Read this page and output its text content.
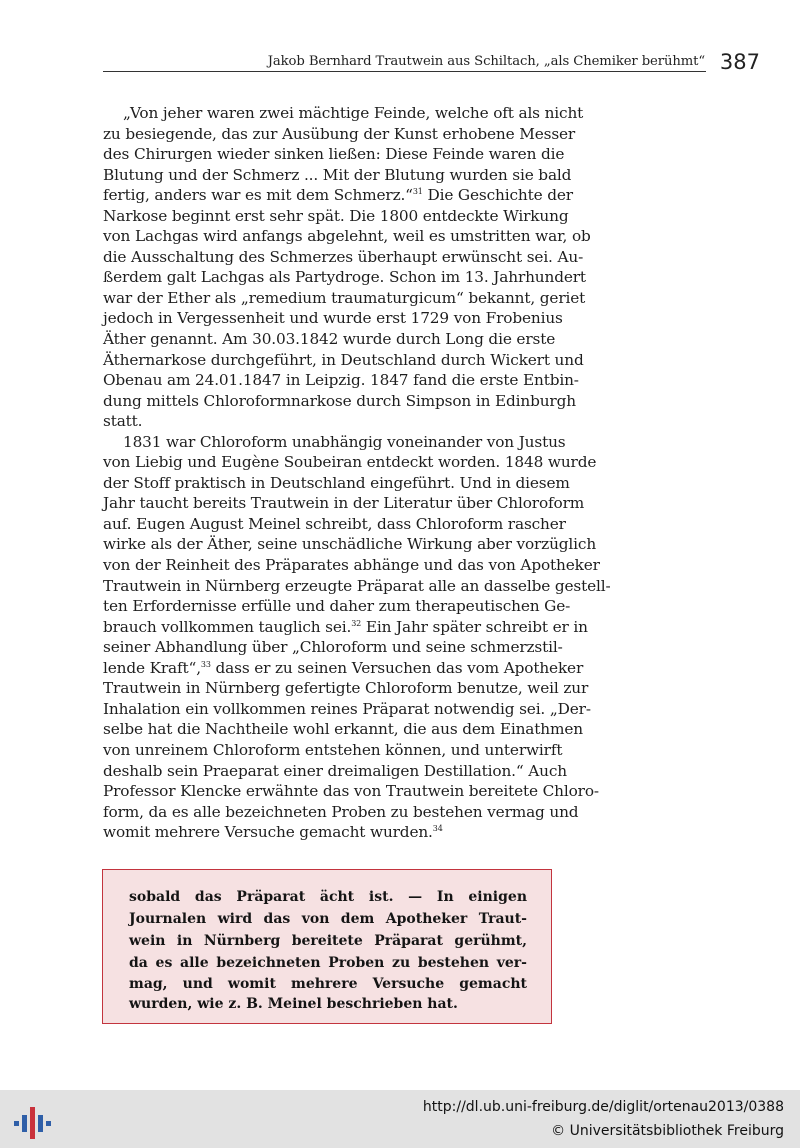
Jakob Bernhard Trautwein aus Schiltach, „als Chemiker berühmt“ 387
„Von jeher waren zwei mächtige Feinde, welche oft als nicht
zu besiegende, das zur Ausübung der Kunst erhobene Messer
des Chirurgen wieder sinken ließen: Diese Feinde waren die
Blutung und der Schmerz ... Mit der Blutung wurden sie bald
fertig, anders war es mit dem Schmerz.“$^{31}$ Die Geschichte der
Narkose beginnt erst sehr spät. Die 1800 entdeckte Wirkung
von Lachgas wird anfangs abgelehnt, weil es umstritten war, ob
die Ausschaltung des Schmerzes überhaupt erwünscht sei. Au-
ßerdem galt Lachgas als Partydroge. Schon im 13. Jahrhundert
war der Ether als „remedium traumaturgicum“ bekannt, geriet
jedoch in Vergessenheit und wurde erst 1729 von Frobenius
Äther genannt. Am 30.03.1842 wurde durch Long die erste
Äthernarkose durchgeführt, in Deutschland durch Wickert und
Obenau am 24.01.1847 in Leipzig. 1847 fand die erste Entbin-
dung mittels Chloroformnarkose durch Simpson in Edinburgh
statt.
1831 war Chloroform unabhängig voneinander von Justus
von Liebig und Eugène Soubeiran entdeckt worden. 1848 wurde
der Stoff praktisch in Deutschland eingeführt. Und in diesem
Jahr taucht bereits Trautwein in der Literatur über Chloroform
auf. Eugen August Meinel schreibt, dass Chloroform rascher
wirke als der Äther, seine unschädliche Wirkung aber vorzüglich
von der Reinheit des Präparates abhänge und das von Apotheker
Trautwein in Nürnberg erzeugte Präparat alle an dasselbe gestell-
ten Erfordernisse erfülle und daher zum therapeutischen Ge-
brauch vollkommen tauglich sei.$^{32}$ Ein Jahr später schreibt er in
seiner Abhandlung über „Chloroform und seine schmerzstil-
lende Kraft“,$^{33}$ dass er zu seinen Versuchen das vom Apotheker
Trautwein in Nürnberg gefertigte Chloroform benutze, weil zur
Inhalation ein vollkommen reines Präparat notwendig sei. „Der-
selbe hat die Nachtheile wohl erkannt, die aus dem Einathmen
von unreinem Chloroform entstehen können, und unterwirft
deshalb sein Praeparat einer dreimaligen Destillation.“ Auch
Professor Klencke erwähnte das von Trautwein bereitete Chloro-
form, da es alle bezeichneten Proben zu bestehen vermag und
womit mehrere Versuche gemacht wurden.$^{34}$
sobald das Präparat ächt ist. — In einigen
Journalen wird das von dem Apotheker Traut-
wein in Nürnberg bereitete Präparat gerühmt,
da es alle bezeichneten Proben zu bestehen ver-
mag, und womit mehrere Versuche gemacht
wurden, wie z. B. Meinel beschrieben hat.
http://dl.ub.uni-freiburg.de/diglit/ortenau2013/0388
© Universitätsbibliothek Freiburg
